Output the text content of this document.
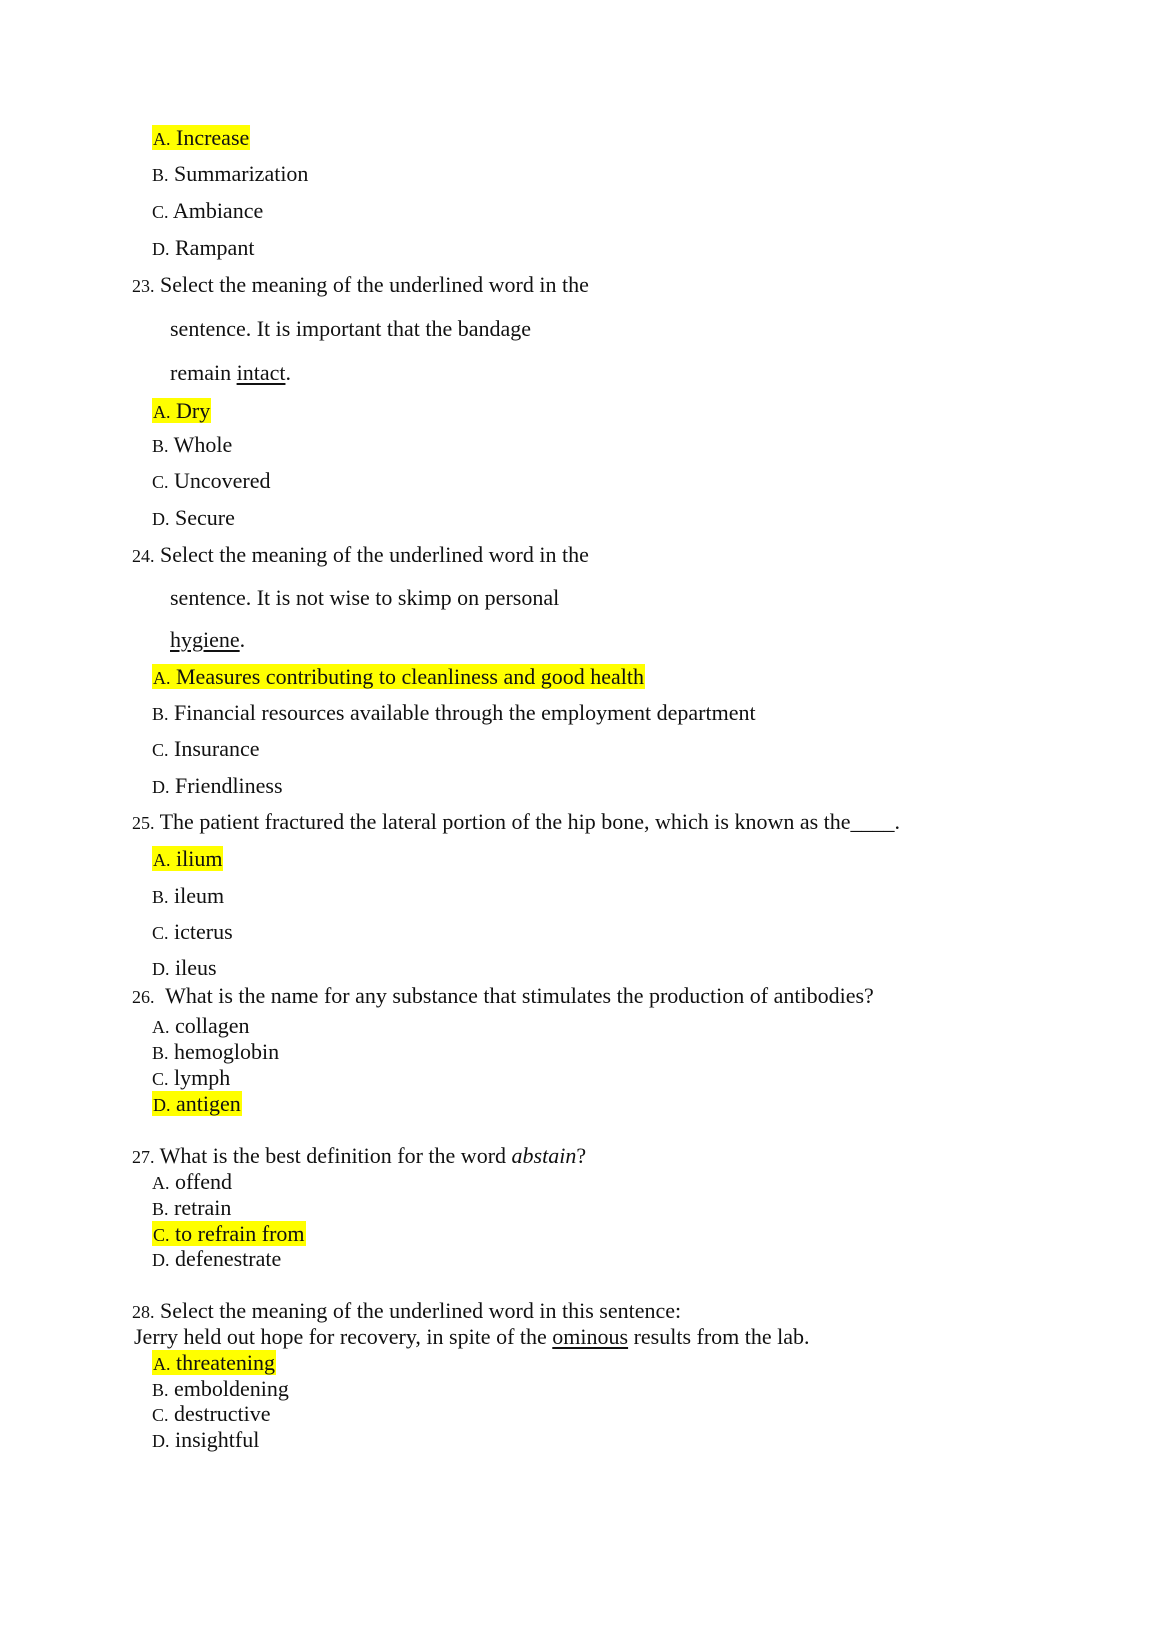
A. Increase
B. Summarization
C. Ambiance
D. Rampant
23. Select the meaning of the underlined word in the
sentence. It is important that the bandage
remain intact.
A. Dry
B. Whole
C. Uncovered
D. Secure
24. Select the meaning of the underlined word in the
sentence. It is not wise to skimp on personal
hygiene.
A. Measures contributing to cleanliness and good health
B. Financial resources available through the employment department
C. Insurance
D. Friendliness
25. The patient fractured the lateral portion of the hip bone, which is known as the____.
A. ilium
B. ileum
C. icterus
D. ileus
26. What is the name for any substance that stimulates the production of antibodies?
A. collagen
B. hemoglobin
C. lymph
D. antigen
27. What is the best definition for the word abstain?
A. offend
B. retrain
C. to refrain from
D. defenestrate
28. Select the meaning of the underlined word in this sentence:
Jerry held out hope for recovery, in spite of the ominous results from the lab.
A. threatening
B. emboldening
C. destructive
D. insightful
